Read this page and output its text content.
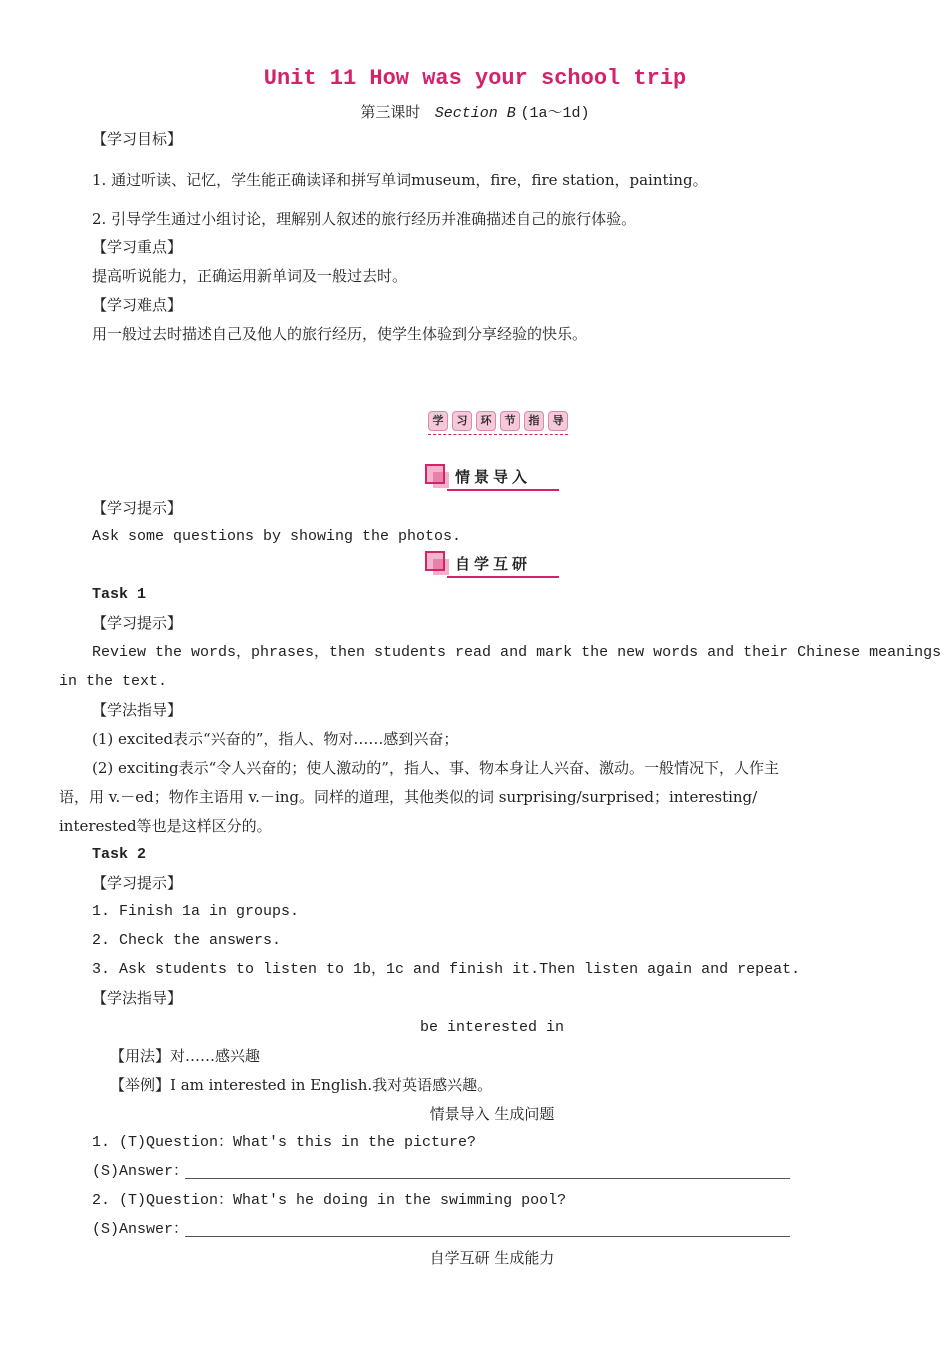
Unit 11 How was your school trip
第三课时 Section B (1a～1d)
【学习目标】
1. 通过听读、记忆，学生能正确读译和拼写单词museum，fire，fire station，painting。
2. 引导学生通过小组讨论，理解别人叙述的旅行经历并准确描述自己的旅行体验。
【学习重点】
提高听说能力，正确运用新单词及一般过去时。
【学习难点】
用一般过去时描述自己及他人的旅行经历，使学生体验到分享经验的快乐。
学 习 环 节 指 导
情景导入
【学习提示】
Ask some questions by showing the photos.
自学互研
Task 1
【学习提示】
Review the words，phrases，then students read and mark the new words and their Chinese meanings
in the text.
【学法指导】
(1) excited表示“兴奋的”，指人、物对……感到兴奋；
(2) exciting表示“令人兴奋的；使人激动的”，指人、事、物本身让人兴奋、激动。一般情况下，人作主
语，用 v.－ed；物作主语用 v.－ing。同样的道理，其他类似的词 surprising/surprised；interesting/
interested等也是这样区分的。
Task 2
【学习提示】
1. Finish 1a in groups.
2. Check the answers.
3. Ask students to listen to 1b，1c and finish it.Then listen again and repeat.
【学法指导】
be interested in
【用法】对……感兴趣
【举例】I am interested in English.我对英语感兴趣。
情景导入 生成问题
1. (T)Question：What's this in the picture?
(S)Answer：
2. (T)Question：What's he doing in the swimming pool?
(S)Answer：
自学互研 生成能力
